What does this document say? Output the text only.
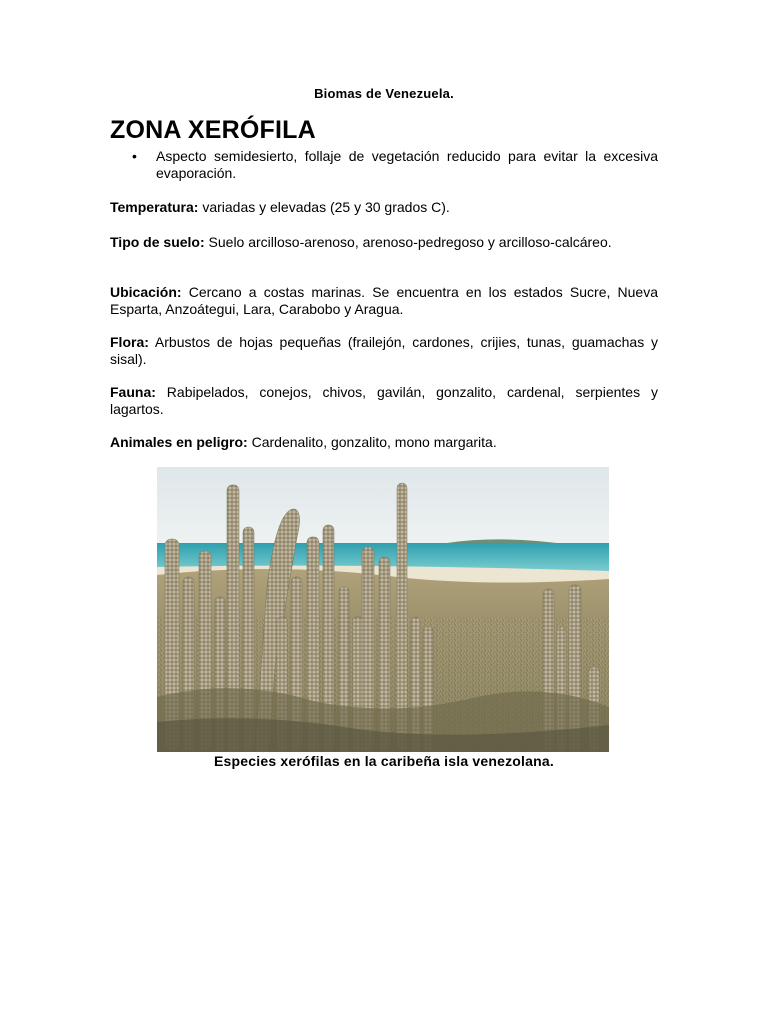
Biomas de Venezuela.
ZONA XERÓFILA
• Aspecto semidesierto, follaje de vegetación reducido para evitar la excesiva evaporación.

Temperatura: variadas y elevadas (25 y 30 grados C).

Tipo de suelo: Suelo arcilloso-arenoso, arenoso-pedregoso y arcilloso-calcáreo.

Ubicación: Cercano a costas marinas. Se encuentra en los estados Sucre, Nueva Esparta, Anzoátegui, Lara, Carabobo y Aragua.

Flora: Arbustos de hojas pequeñas (frailejón, cardones, crijies, tunas, guamachas y sisal).

Fauna: Rabipelados, conejos, chivos, gavilán, gonzalito, cardenal, serpientes y lagartos.

Animales en peligro: Cardenalito, gonzalito, mono margarita.

Especies xerófilas en la caribeña isla venezolana.
